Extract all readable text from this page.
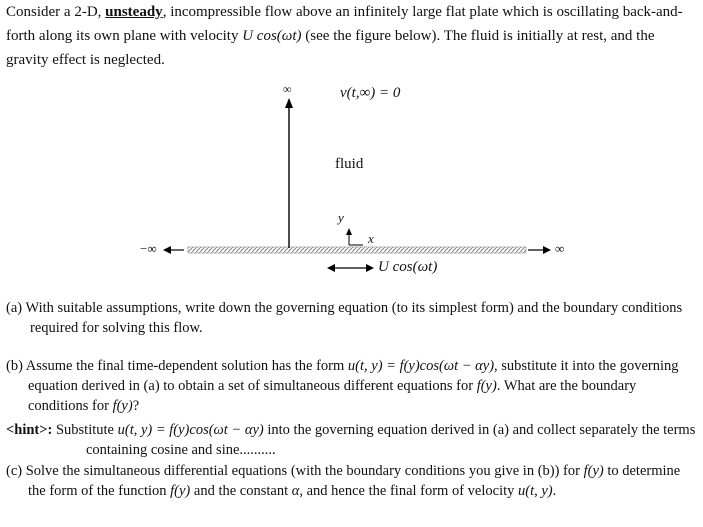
Consider a 2-D, unsteady, incompressible flow above an infinitely large flat plate which is oscillating back-and-forth along its own plane with velocity U cos(ωt) (see the figure below). The fluid is initially at rest, and the gravity effect is neglected.
∞	v(t,∞) = 0
fluid
y
x
−∞	∞
U cos(ωt)
(a) With suitable assumptions, write down the governing equation (to its simplest form) and the boundary conditions required for solving this flow.
(b) Assume the final time-dependent solution has the form u(t, y) = f(y)cos(ωt − αy), substitute it into the governing equation derived in (a) to obtain a set of simultaneous different equations for f(y). What are the boundary conditions for f(y)?
<hint>: Substitute u(t, y) = f(y)cos(ωt − αy) into the governing equation derived in (a) and collect separately the terms containing cosine and sine..........
(c) Solve the simultaneous differential equations (with the boundary conditions you give in (b)) for f(y) to determine the form of the function f(y) and the constant α, and hence the final form of velocity u(t, y).
